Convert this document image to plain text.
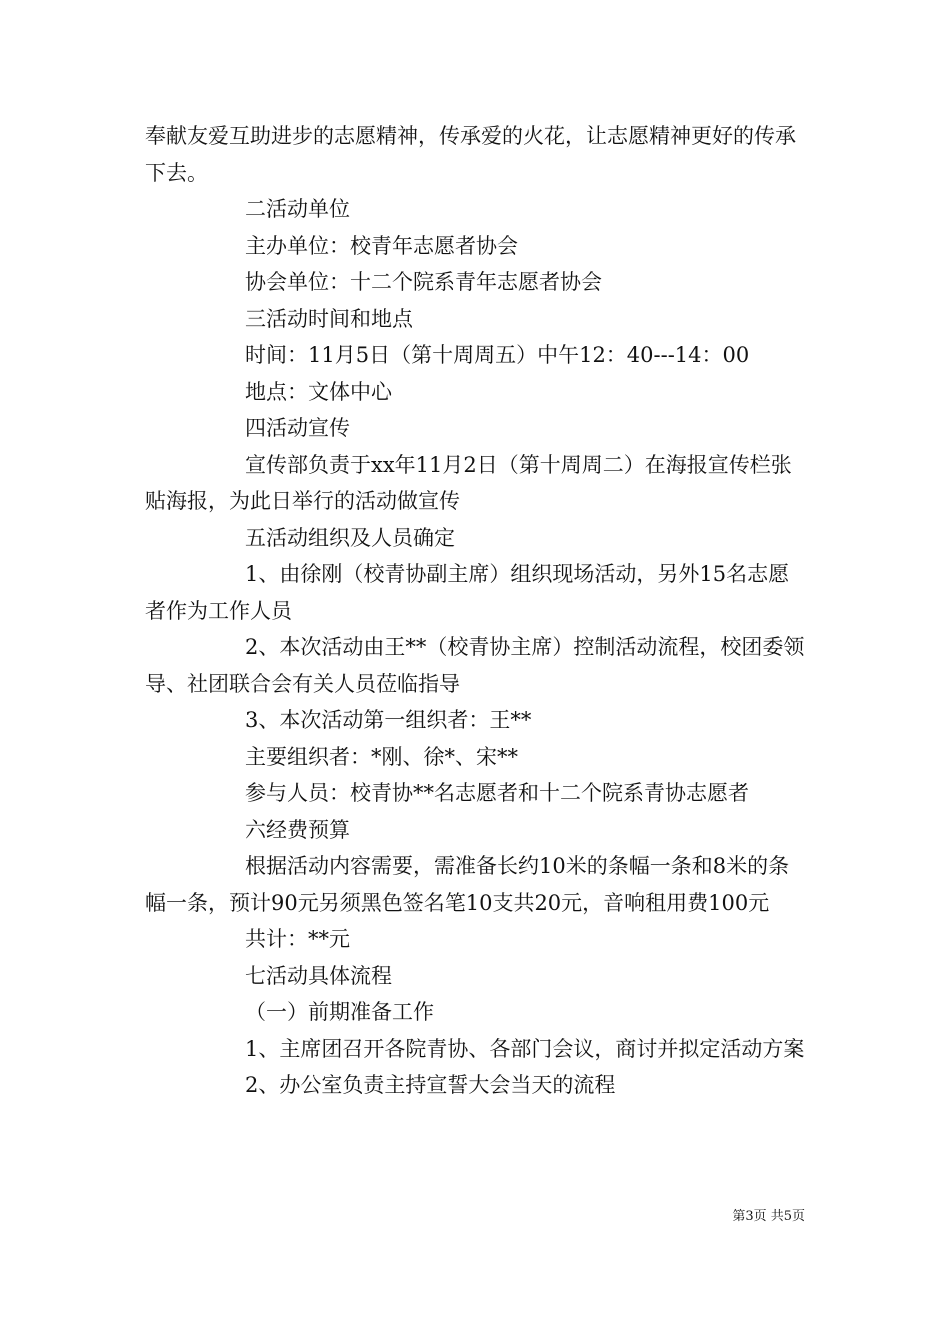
奉献友爱互助进步的志愿精神，传承爱的火花，让志愿精神更好的传承下去。

二活动单位

主办单位：校青年志愿者协会

协会单位：十二个院系青年志愿者协会

三活动时间和地点

时间：11月5日（第十周周五）中午12：40---14：00

地点：文体中心

四活动宣传

宣传部负责于xx年11月2日（第十周周二）在海报宣传栏张贴海报，为此日举行的活动做宣传

五活动组织及人员确定

1、由徐刚（校青协副主席）组织现场活动，另外15名志愿者作为工作人员

2、本次活动由王**（校青协主席）控制活动流程，校团委领导、社团联合会有关人员莅临指导

3、本次活动第一组织者：王**

主要组织者：*刚、徐*、宋**

参与人员：校青协**名志愿者和十二个院系青协志愿者

六经费预算

根据活动内容需要，需准备长约10米的条幅一条和8米的条幅一条，预计90元另须黑色签名笔10支共20元，音响租用费100元

共计：**元

七活动具体流程

（一）前期准备工作

1、主席团召开各院青协、各部门会议，商讨并拟定活动方案

2、办公室负责主持宣誓大会当天的流程

第3页 共5页
